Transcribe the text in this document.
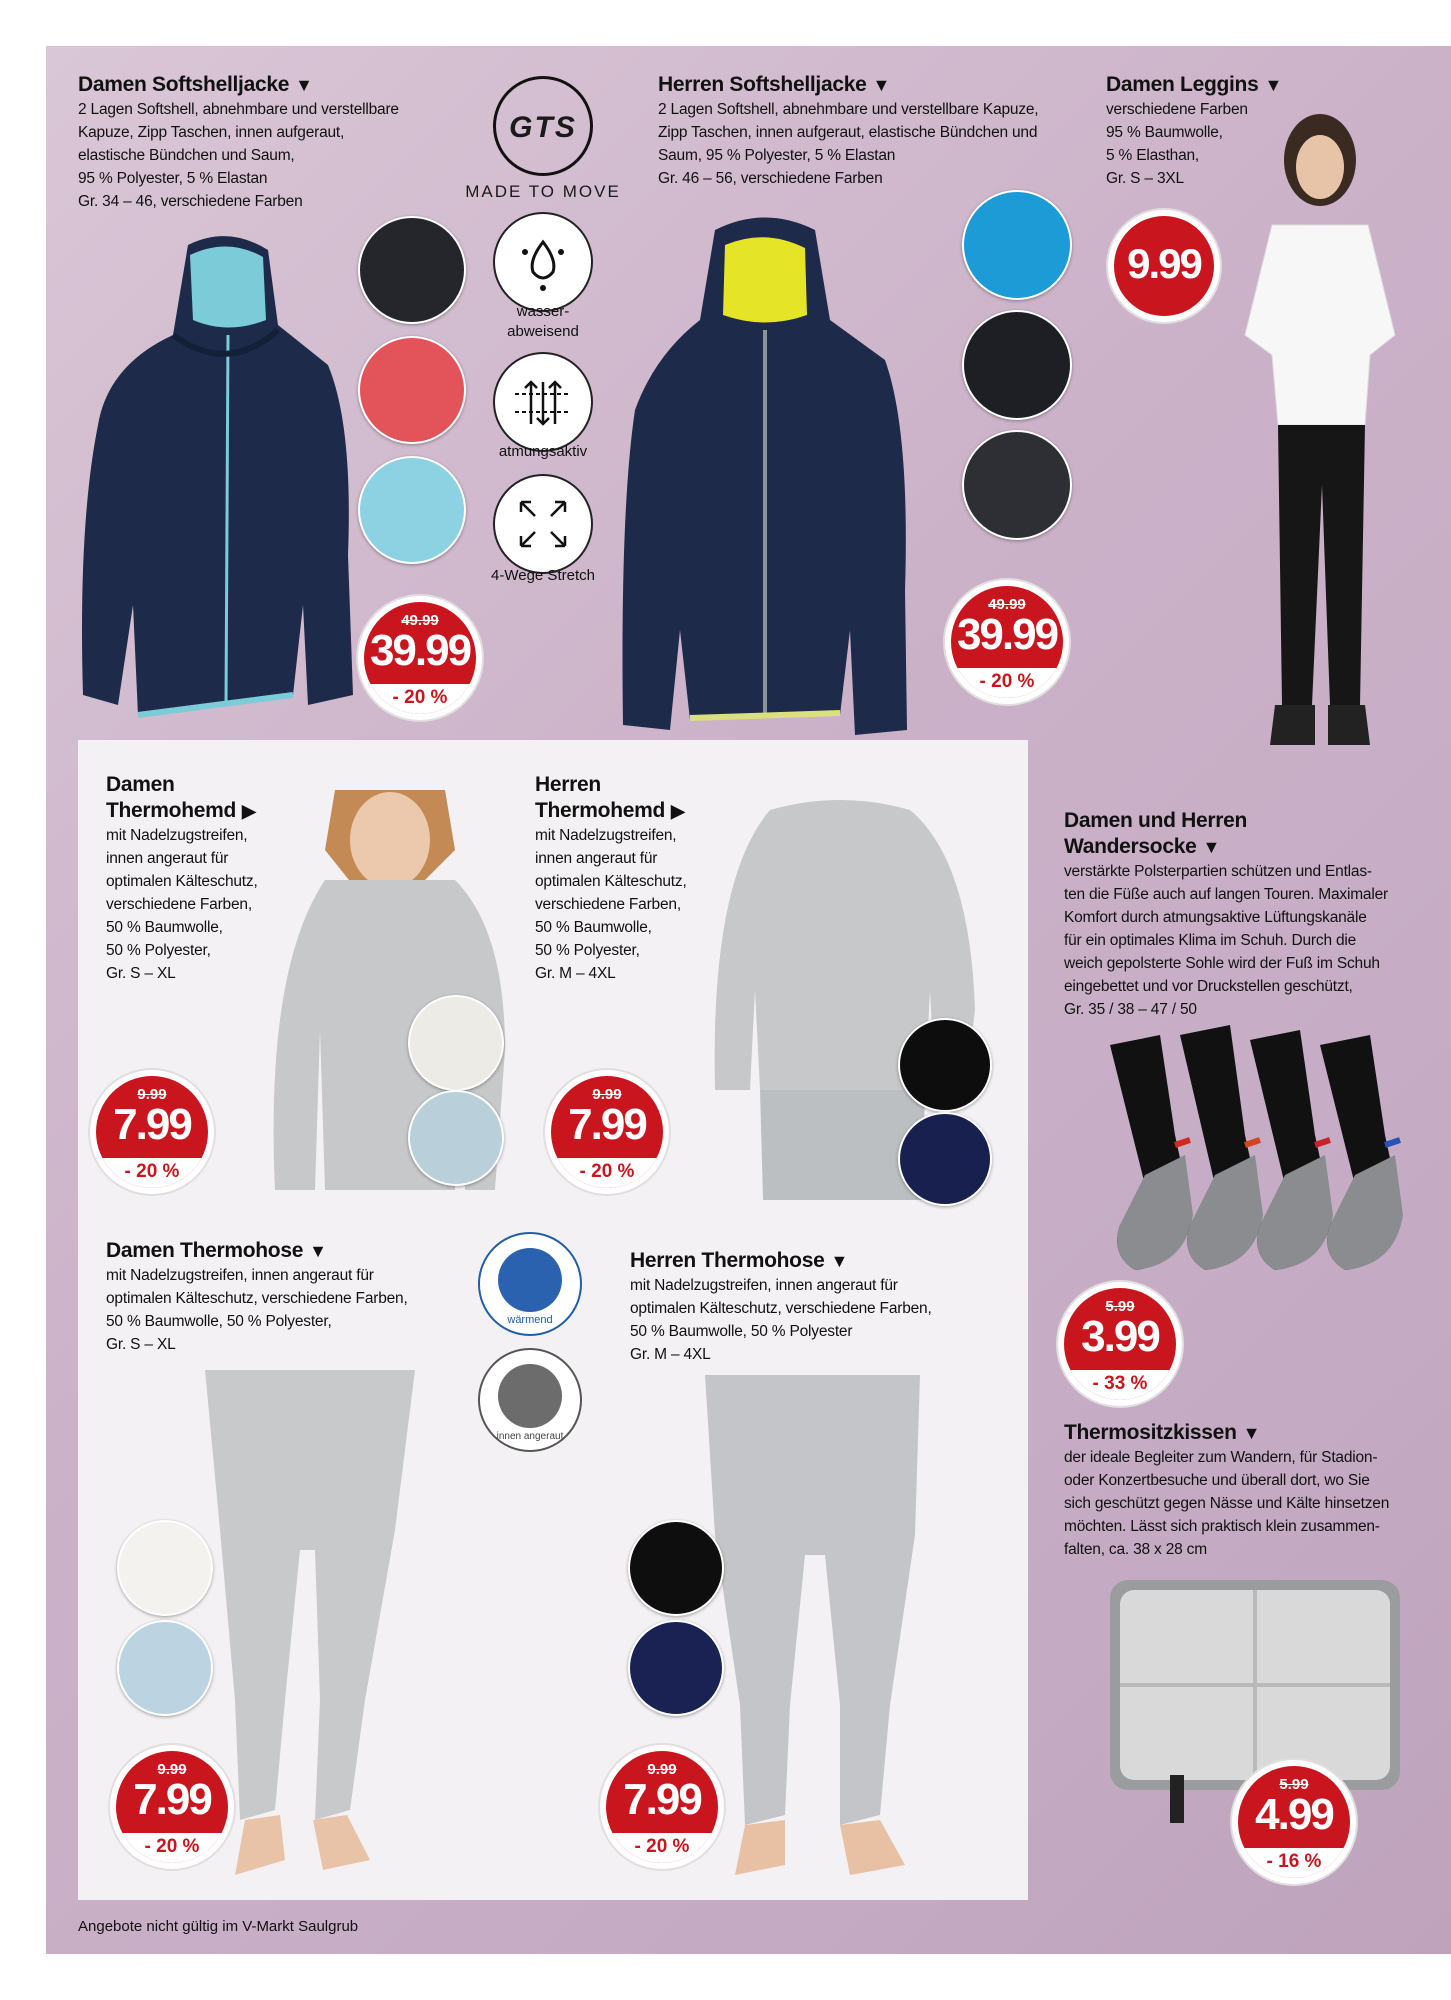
Damen Softshelljacke ▼
2 Lagen Softshell, abnehmbare und verstellbare
Kapuze, Zipp Taschen, innen aufgeraut,
elastische Bündchen und Saum,
95 % Polyester, 5 % Elastan
Gr. 34 – 46, verschiedene Farben
49.99
39.99
- 20 %
GTS
MADE TO MOVE
wasser-
abweisend
atmungsaktiv
4-Wege Stretch
Herren Softshelljacke ▼
2 Lagen Softshell, abnehmbare und verstellbare Kapuze,
Zipp Taschen, innen aufgeraut, elastische Bündchen und
Saum, 95 % Polyester, 5 % Elastan
Gr. 46 – 56, verschiedene Farben
49.99
39.99
- 20 %
Damen Leggins ▼
verschiedene Farben
95 % Baumwolle,
5 % Elasthan,
Gr. S – 3XL
9.99
Damen
Thermohemd ▶
mit Nadelzugstreifen,
innen angeraut für
optimalen Kälteschutz,
verschiedene Farben,
50 % Baumwolle,
50 % Polyester,
Gr. S – XL
9.99
7.99
- 20 %
Herren
Thermohemd ▶
mit Nadelzugstreifen,
innen angeraut für
optimalen Kälteschutz,
verschiedene Farben,
50 % Baumwolle,
50 % Polyester,
Gr. M – 4XL
9.99
7.99
- 20 %
Damen und Herren
Wandersocke ▼
verstärkte Polsterpartien schützen und Entlas-
ten die Füße auch auf langen Touren. Maximaler
Komfort durch atmungsaktive Lüftungskanäle
für ein optimales Klima im Schuh. Durch die
weich gepolsterte Sohle wird der Fuß im Schuh
eingebettet und vor Druckstellen geschützt,
Gr. 35 / 38 – 47 / 50
5.99
3.99
- 33 %
Damen Thermohose ▼
mit Nadelzugstreifen, innen angeraut für
optimalen Kälteschutz, verschiedene Farben,
50 % Baumwolle, 50 % Polyester,
Gr. S – XL
wärmend
innen angeraut
9.99
7.99
- 20 %
Herren Thermohose ▼
mit Nadelzugstreifen, innen angeraut für
optimalen Kälteschutz, verschiedene Farben,
50 % Baumwolle, 50 % Polyester
Gr. M – 4XL
9.99
7.99
- 20 %
Thermositzkissen ▼
der ideale Begleiter zum Wandern, für Stadion-
oder Konzertbesuche und überall dort, wo Sie
sich geschützt gegen Nässe und Kälte hinsetzen
möchten. Lässt sich praktisch klein zusammen-
falten, ca. 38 x 28 cm
5.99
4.99
- 16 %
Angebote nicht gültig im V-Markt Saulgrub
